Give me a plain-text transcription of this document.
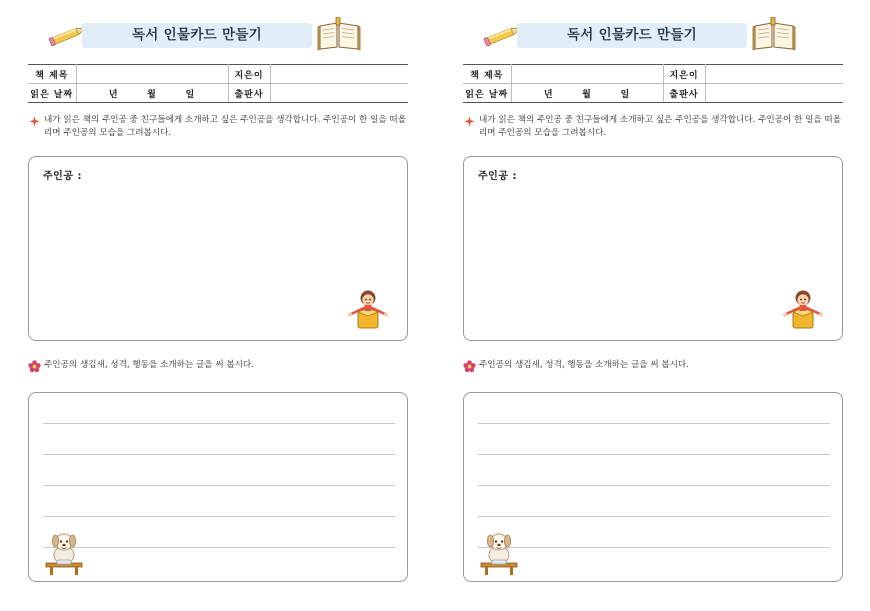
독서 인물카드 만들기
책 제목		지은이	
읽은 날짜	년 월 일	출판사	
내가 읽은 책의 주인공 중 친구들에게 소개하고 싶은 주인공을 생각합니다. 주인공이 한 일을 떠올리며 주인공의 모습을 그려봅시다.
주인공 :
주인공의 생김새, 성격, 행동을 소개하는 글을 써 봅시다.
독서 인물카드 만들기
책 제목		지은이	
읽은 날짜	년 월 일	출판사	
내가 읽은 책의 주인공 중 친구들에게 소개하고 싶은 주인공을 생각합니다. 주인공이 한 일을 떠올리며 주인공의 모습을 그려봅시다.
주인공 :
주인공의 생김새, 성격, 행동을 소개하는 글을 써 봅시다.
